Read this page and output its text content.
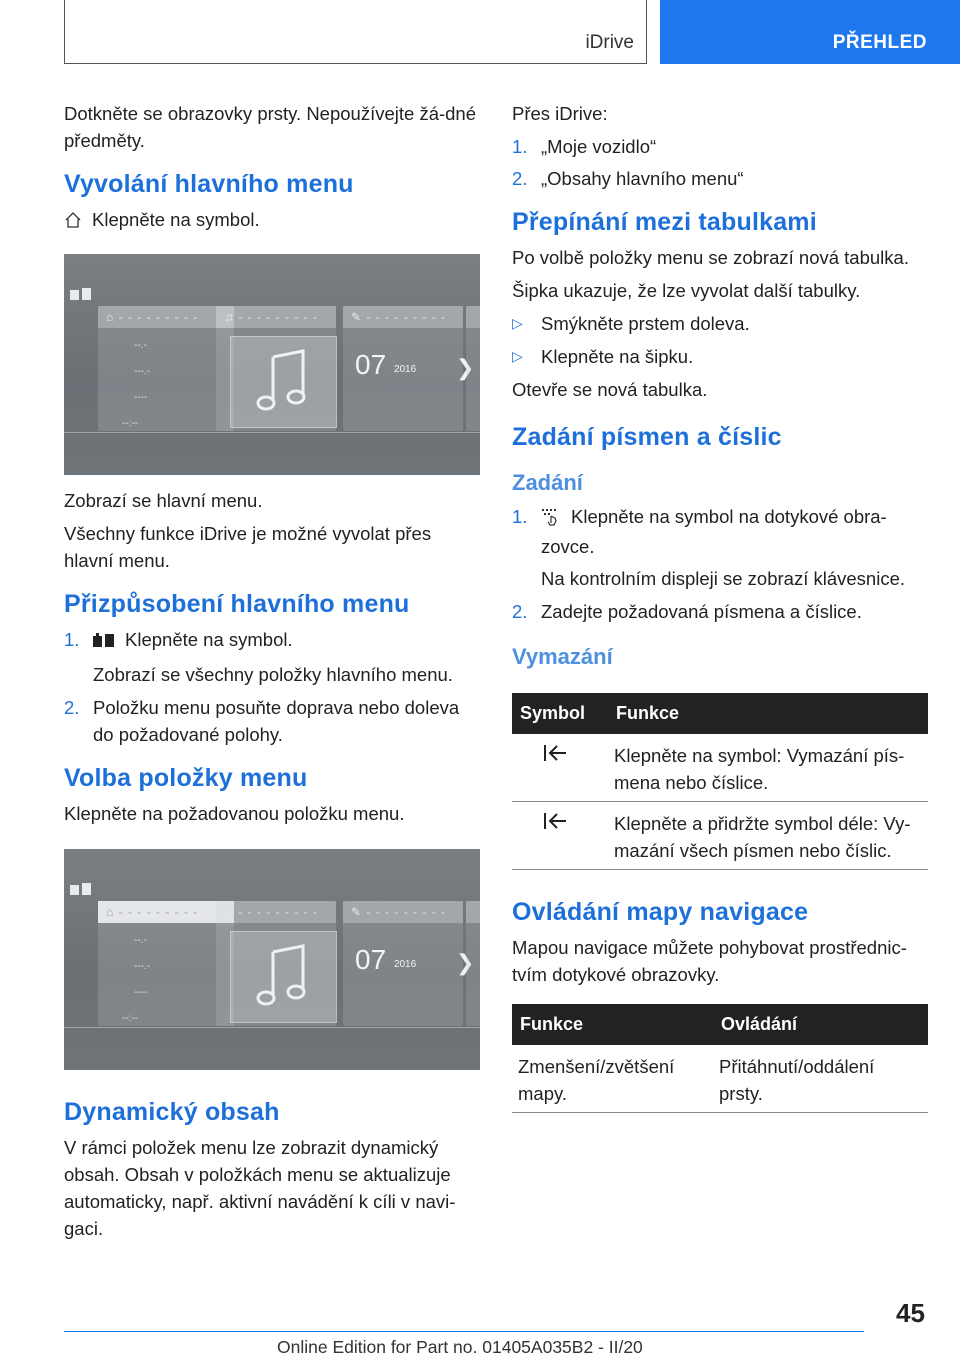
iDrive	PŘEHLED

Dotkněte se obrazovky prsty. Nepoužívejte žá-dné předměty.

Vyvolání hlavního menu

Klepněte na symbol.

⌂ - - - - - - - - -
--.-
---.-
----
--:--
♫ - - - - - - - - -	✎ - - - - - - - - -
07 2016 ❯

Zobrazí se hlavní menu.

Všechny funkce iDrive je možné vyvolat přes hlavní menu.

Přizpůsobení hlavního menu
1. Klepněte na symbol.

Zobrazí se všechny položky hlavního menu.

2. Položku menu posuňte doprava nebo doleva do požadované polohy.
Volba položky menu

Klepněte na požadovanou položku menu.

⌂ - - - - - - - - -
--.-
---.-
----
--:--
♫ - - - - - - - - -	✎ - - - - - - - - -
07 2016 ❯
Dynamický obsah

V rámci položek menu lze zobrazit dynamický obsah. Obsah v položkách menu se aktualizuje automaticky, např. aktivní navádění k cíli v navi-gaci.

Přes iDrive:

1. „Moje vozidlo“
2. „Obsahy hlavního menu“
Přepínání mezi tabulkami

Po volbě položky menu se zobrazí nová tabulka.

Šipka ukazuje, že lze vyvolat další tabulky.

▷ Smýkněte prstem doleva.
▷ Klepněte na šipku.

Otevře se nová tabulka.

Zadání písmen a číslic
Zadání
1. Klepněte na symbol na dotykové obra-zovce.

Na kontrolním displeji se zobrazí klávesnice.

2. Zadejte požadovaná písmena a číslice.
Vymazání
Symbol	Funkce
	Klepněte na symbol: Vymazání pís-mena nebo číslice.
	Klepněte a přidržte symbol déle: Vy-mazání všech písmen nebo číslic.
Ovládání mapy navigace

Mapou navigace můžete pohybovat prostřednic-tvím dotykové obrazovky.

Funkce	Ovládání
Zmenšení/zvětšení mapy.	Přitáhnutí/oddálení prsty.
45
Online Edition for Part no. 01405A035B2 - II/20
